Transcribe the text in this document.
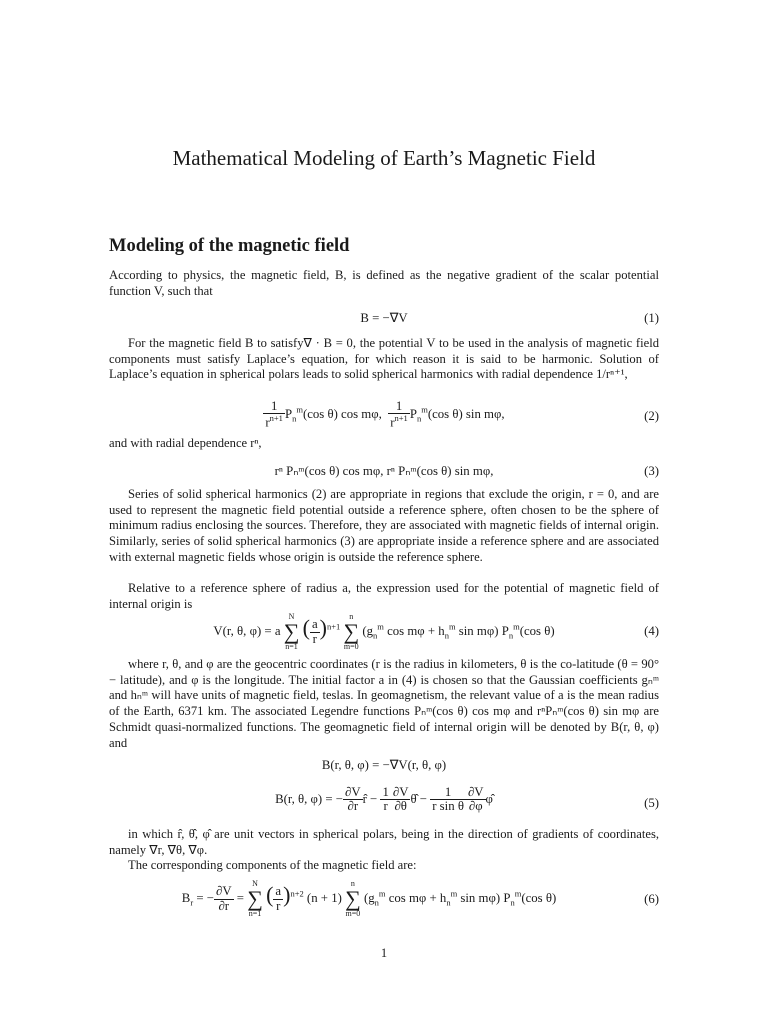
Mathematical Modeling of Earth’s Magnetic Field
Modeling of the magnetic field

According to physics, the magnetic field, B, is defined as the negative gradient of the scalar potential function V, such that

B = −∇V	(1)

For the magnetic field B to satisfy∇ · B = 0, the potential V to be used in the analysis of magnetic field components must satisfy Laplace’s equation, for which reason it is said to be harmonic. Solution of Laplace’s equation in spherical polars leads to solid spherical harmonics with radial dependence 1/rⁿ⁺¹,

$\frac{1}{r^{n+1}} P_n^m(\cos$ θ) cos mφ, $\frac{1}{r^{n+1}} P_n^m(\cos$ θ) sin mφ,	(2)

and with radial dependence rⁿ,

rⁿ Pₙᵐ(cos θ) cos mφ, rⁿ Pₙᵐ(cos θ) sin mφ,	(3)

Series of solid spherical harmonics (2) are appropriate in regions that exclude the origin, r = 0, and are used to represent the magnetic field potential outside a reference sphere, often chosen to be the sphere of minimum radius enclosing the sources. Therefore, they are associated with magnetic fields of internal origin. Similarly, series of solid spherical harmonics (3) are appropriate inside a reference sphere and are associated with external magnetic fields whose origin is outside the reference sphere.

Relative to a reference sphere of radius a, the expression used for the potential of magnetic field of internal origin is

V(r, θ, φ) = a
N
∑
n=1
( $\frac{a}{r} )^{n+1}$
n
∑
m=0
($g_n^m$ $\cos m\varphi + h_n^m$ sin mφ) $P_n^m(\cos$ θ)	(4)

where r, θ, and φ are the geocentric coordinates (r is the radius in kilometers, θ is the co-latitude (θ = 90° − latitude), and φ is the longitude. The initial factor a in (4) is chosen so that the Gaussian coefficients gₙᵐ and hₙᵐ will have units of magnetic field, teslas. In geomagnetism, the relevant value of a is the mean radius of the Earth, 6371 km. The associated Legendre functions Pₙᵐ(cos θ) cos mφ and rⁿPₙᵐ(cos θ) sin mφ are Schmidt quasi-normalized functions. The geomagnetic field of internal origin will be denoted by B(r, θ, φ) and

B(r, θ, φ) = −∇V(r, θ, φ)
B(r, θ, φ) = − $\frac{\partial V}{\partial r}$ r̂ − $\frac{1}{r} \frac{\partial V}{\partial\theta}$ θ̂ − $\frac{1}{\text{r sin θ}} \frac{\partial V}{\partial\varphi}$ φ̂	(5)

in which r̂, θ̂, φ̂ are unit vectors in spherical polars, being in the direction of gradients of coordinates, namely ∇r, ∇θ, ∇φ.

The corresponding components of the magnetic field are:

$B_r$ = − $\frac{\partial V}{\partial r}$ =
N
∑
n=1
( $\frac{a}{r} )^{n+2}$ (n + 1)
n
∑
m=0
($g_n^m$ $\cos m\varphi + h_n^m$ sin mφ) $P_n^m(\cos$ θ)	(6)
1
